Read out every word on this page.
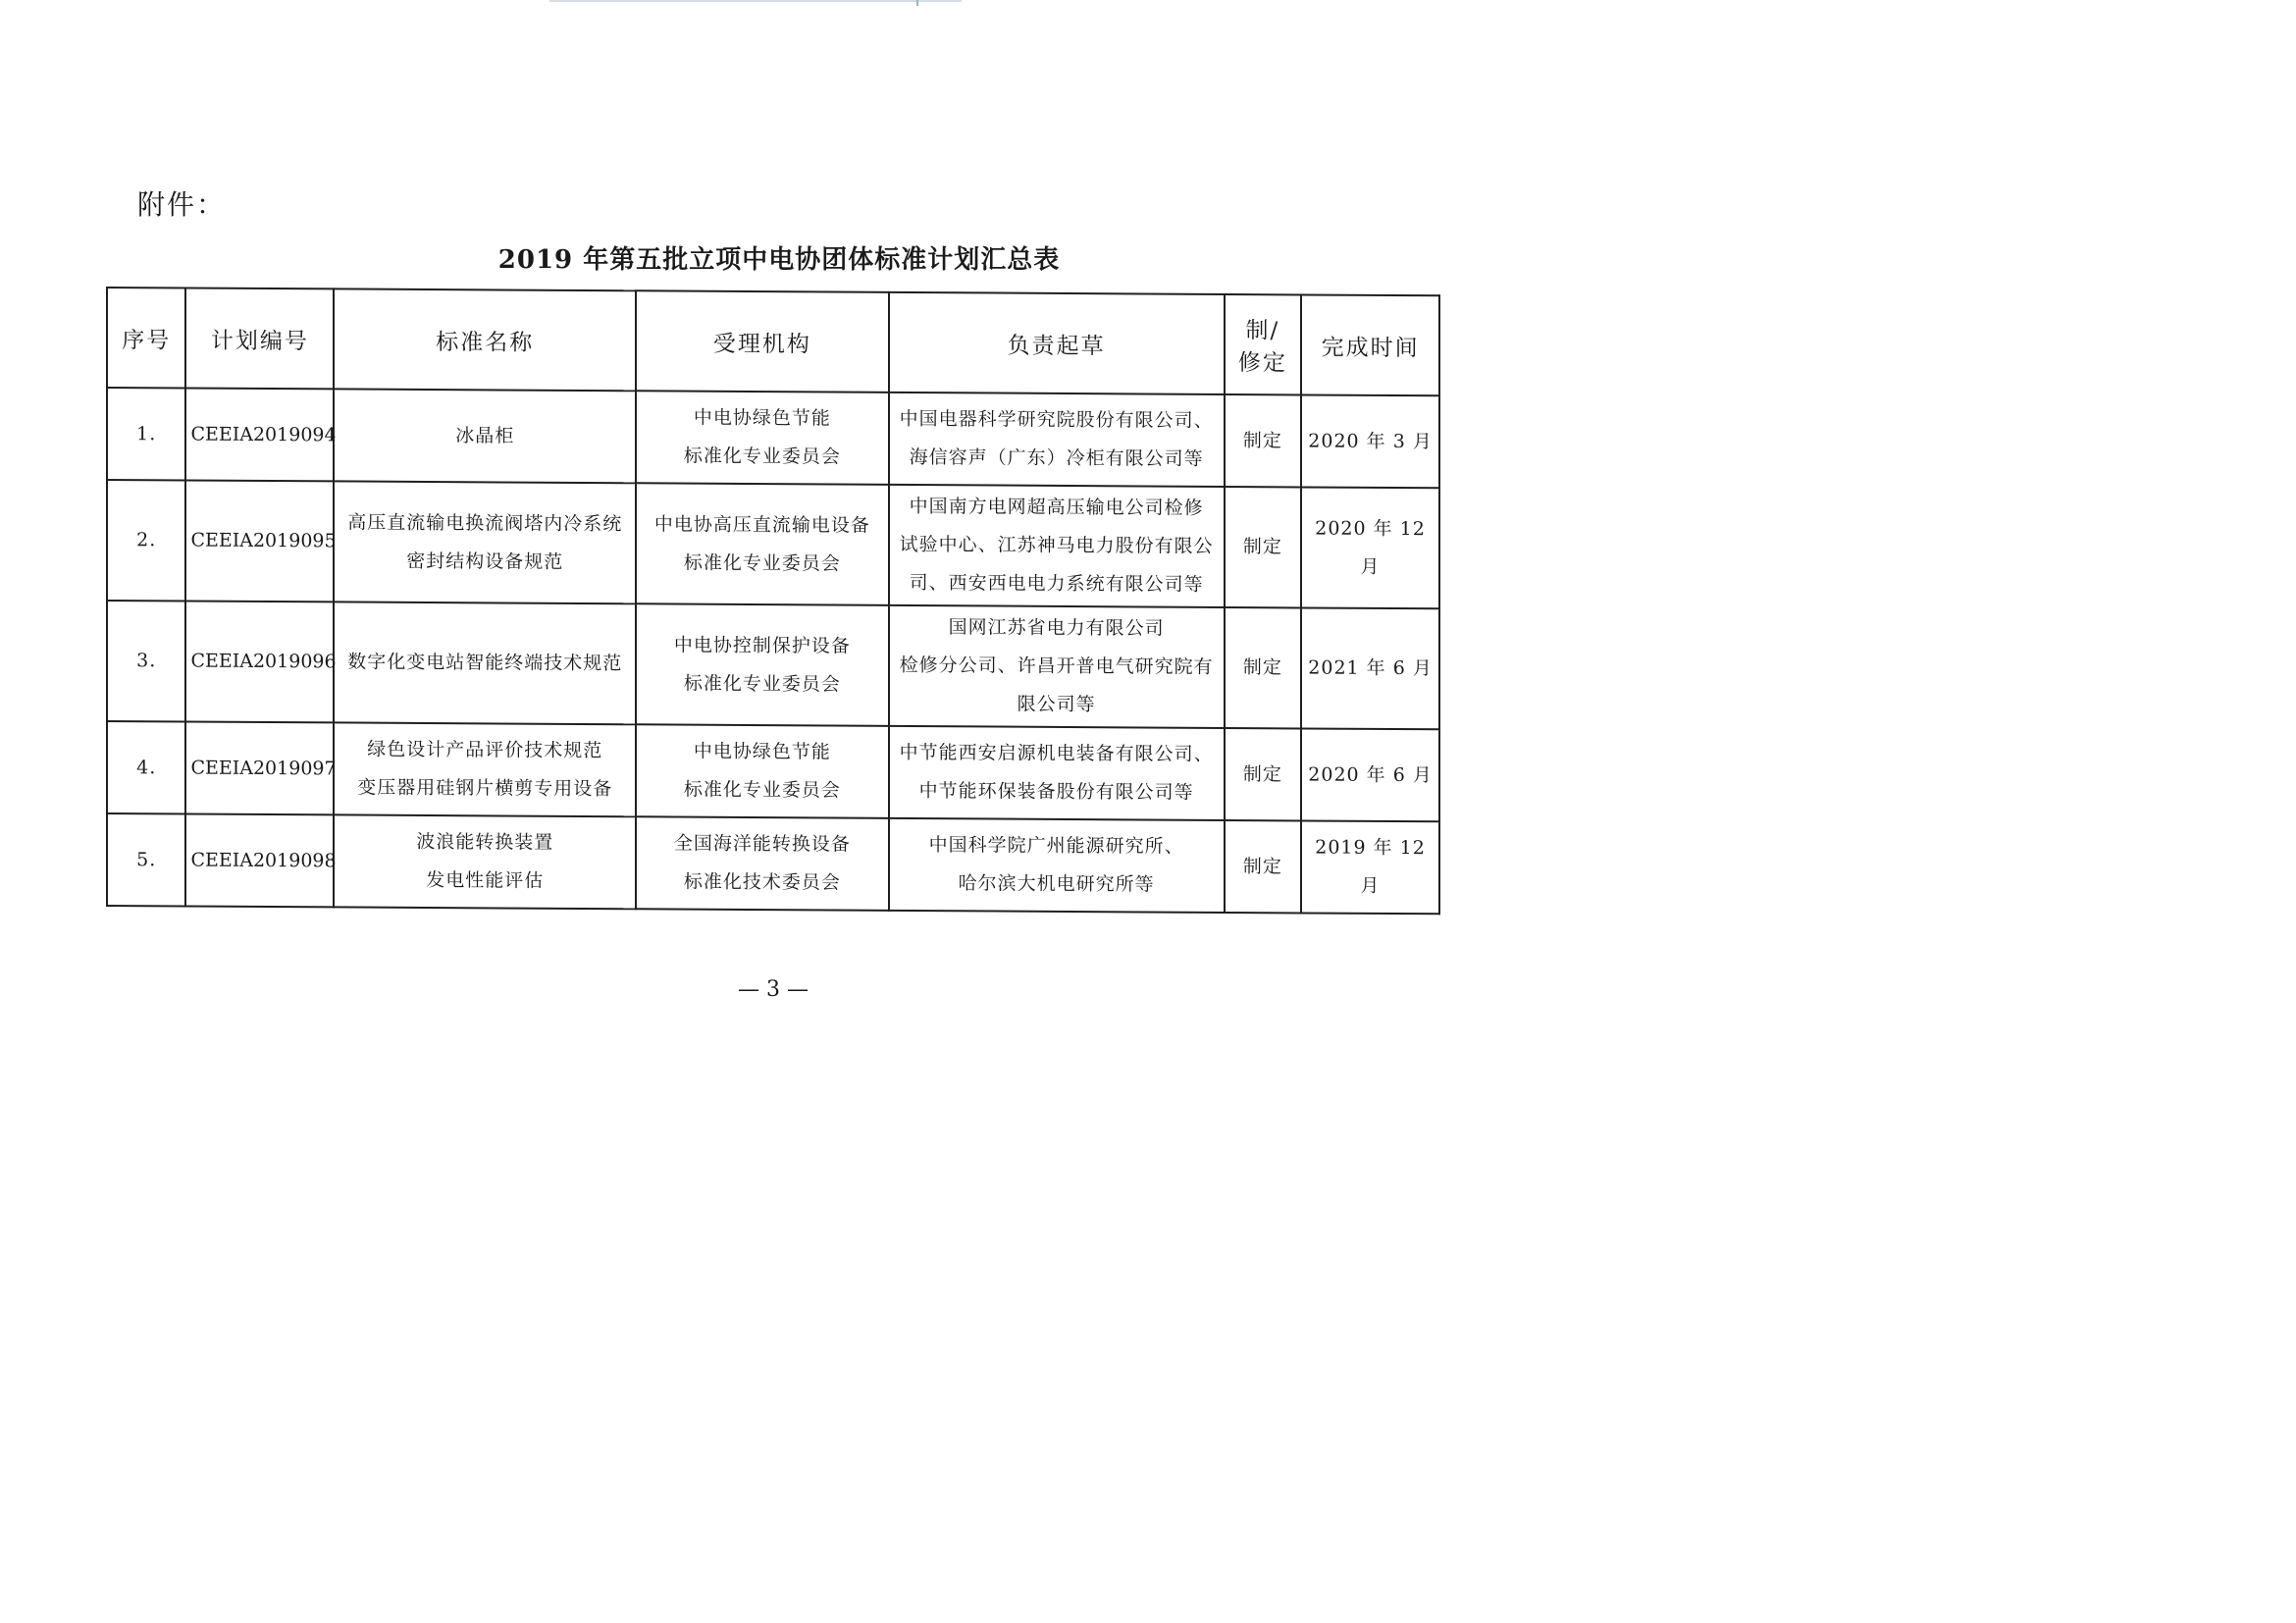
附件：
2019 年第五批立项中电协团体标准计划汇总表
序号	计划编号	标准名称	受理机构	负责起草	制/
修定	完成时间
1.	CEEIA2019094	冰晶柜	中电协绿色节能
标准化专业委员会	中国电器科学研究院股份有限公司、
海信容声（广东）冷柜有限公司等	制定	2020 年 3 月
2.	CEEIA2019095	高压直流输电换流阀塔内冷系统
密封结构设备规范	中电协高压直流输电设备
标准化专业委员会	中国南方电网超高压输电公司检修
试验中心、江苏神马电力股份有限公
司、西安西电电力系统有限公司等	制定	2020 年 12 月
3.	CEEIA2019096	数字化变电站智能终端技术规范	中电协控制保护设备
标准化专业委员会	国网江苏省电力有限公司
检修分公司、许昌开普电气研究院有
限公司等	制定	2021 年 6 月
4.	CEEIA2019097	绿色设计产品评价技术规范
变压器用硅钢片横剪专用设备	中电协绿色节能
标准化专业委员会	中节能西安启源机电装备有限公司、
中节能环保装备股份有限公司等	制定	2020 年 6 月
5.	CEEIA2019098	波浪能转换装置
发电性能评估	全国海洋能转换设备
标准化技术委员会	中国科学院广州能源研究所、
哈尔滨大机电研究所等	制定	2019 年 12 月
— 3 —
